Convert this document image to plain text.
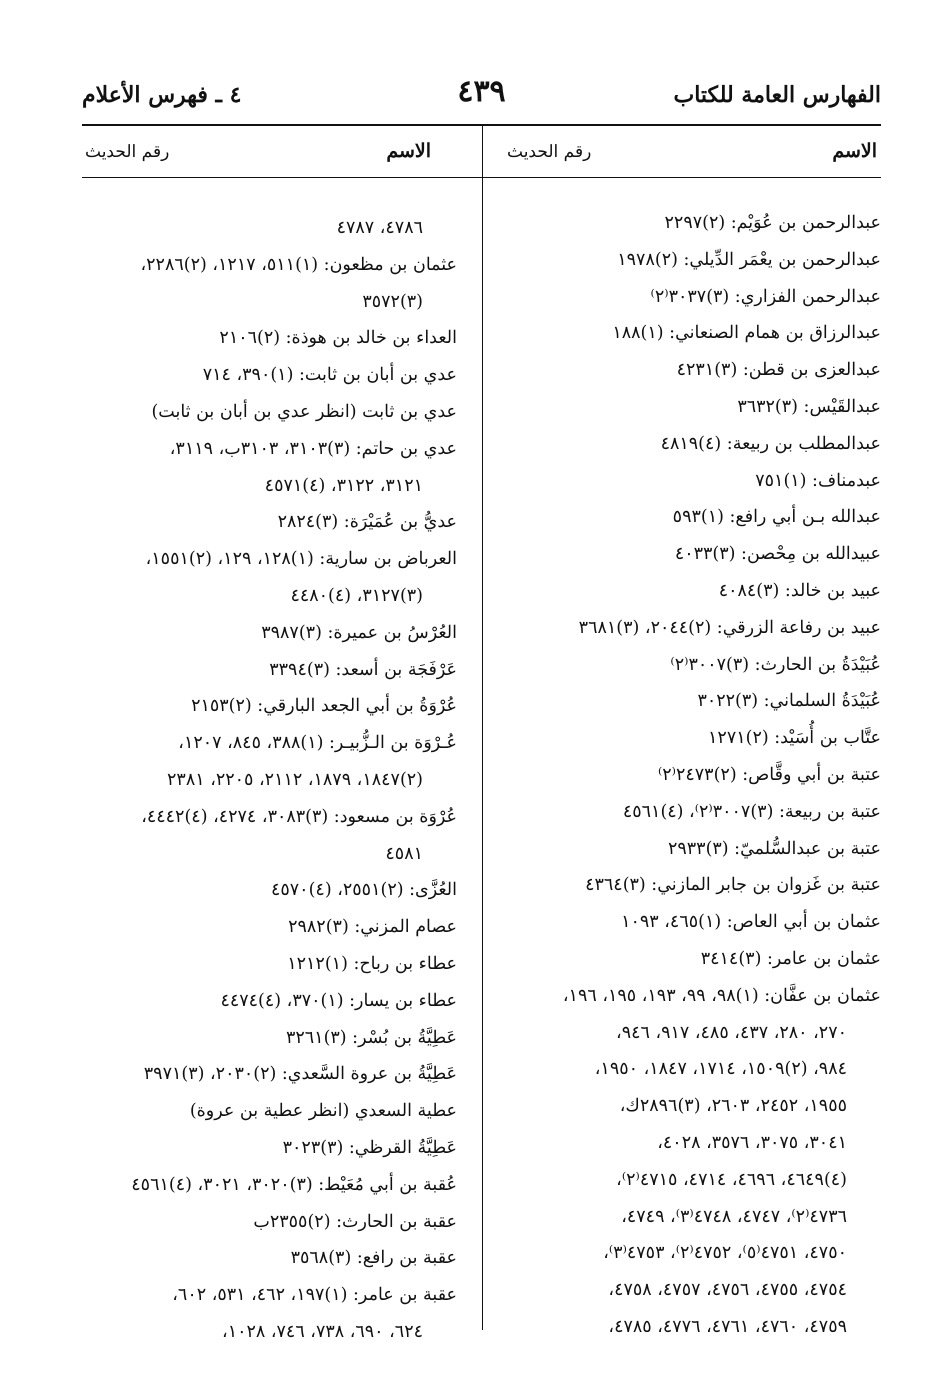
الفهارس العامة للكتاب
٤٣٩
٤ ـ فهرس الأعلام
الاسم
رقم الحديث
الاسم
رقم الحديث
عبدالرحمن بن عُوَيْم: (٢)٢٢٩٧
عبدالرحمن بن يعْمَر الدِّيلي: (٢)١٩٧٨
عبدالرحمن الفزاري: (٣)٣٠٣٧⁽٢⁾
عبدالرزاق بن همام الصنعاني: (١)١٨٨
عبدالعزى بن قطن: (٣)٤٢٣١
عبدالقَيْس: (٣)٣٦٣٢
عبدالمطلب بن ربيعة: (٤)٤٨١٩
عبدمناف: (١)٧٥١
عبدالله بـن أبي رافع: (١)٥٩٣
عبيدالله بن مِحْصن: (٣)٤٠٣٣
عبيد بن خالد: (٣)٤٠٨٤
عبيد بن رفاعة الزرقي: (٢)٢٠٤٤، (٣)٣٦٨١
عُبَيْدَةُ بن الحارث: (٣)٣٠٠٧⁽٢⁾
عُبَيْدَةُ السلماني: (٣)٣٠٢٢
عتَّاب بن أُسَيْد: (٢)١٢٧١
عتبة بن أبي وقَّاص: (٢)٢٤٧٣⁽٢⁾
عتبة بن ربيعة: (٣)٣٠٠٧⁽٢⁾، (٤)٤٥٦١
عتبة بن عبدالسُّلميّ: (٣)٢٩٣٣
عتبة بن غَزوان بن جابر المازني: (٣)٤٣٦٤
عثمان بن أبي العاص: (١)٤٦٥، ١٠٩٣
عثمان بن عامر: (٣)٣٤١٤
عثمان بن عفَّان: (١)٩٨، ٩٩، ١٩٣، ١٩٥، ١٩٦،
٢٧٠، ٢٨٠، ٤٣٧، ٤٨٥، ٩١٧، ٩٤٦،
٩٨٤، (٢)١٥٠٩، ١٧١٤، ١٨٤٧، ١٩٥٠،
١٩٥٥، ٢٤٥٢، ٢٦٠٣، (٣)٢٨٩٦ك،
٣٠٤١، ٣٠٧٥، ٣٥٧٦، ٤٠٢٨،
(٤)٤٦٤٩، ٤٦٩٦، ٤٧١٤، ٤٧١٥⁽٢⁾،
٤٧٣٦⁽٢⁾، ٤٧٤٧، ٤٧٤٨⁽٣⁾، ٤٧٤٩،
٤٧٥٠، ٤٧٥١⁽٥⁾، ٤٧٥٢⁽٢⁾، ٤٧٥٣⁽٣⁾،
٤٧٥٤، ٤٧٥٥، ٤٧٥٦، ٤٧٥٧، ٤٧٥٨،
٤٧٥٩، ٤٧٦٠، ٤٧٦١، ٤٧٧٦، ٤٧٨٥،
٤٧٨٦، ٤٧٨٧
عثمان بن مظعون: (١)٥١١، ١٢١٧، (٢)٢٢٨٦،
(٣)٣٥٧٢
العداء بن خالد بن هوذة: (٢)٢١٠٦
عدي بن أبان بن ثابت: (١)٣٩٠، ٧١٤
عدي بن ثابت (انظر عدي بن أبان بن ثابت)
عدي بن حاتم: (٣)٣١٠٣، ٣١٠٣ب، ٣١١٩،
٣١٢١، ٣١٢٢، (٤)٤٥٧١
عديُّ بن عُمَيْرَة: (٣)٢٨٢٤
العرباض بن سارية: (١)١٢٨، ١٢٩، (٢)١٥٥١،
(٣)٣١٢٧، (٤)٤٤٨٠
العُرْسُ بن عميرة: (٣)٣٩٨٧
عَرْفَجَة بن أسعد: (٣)٣٣٩٤
عُرْوَةُ بن أبي الجعد البارقي: (٢)٢١٥٣
عُـرْوَة بن الـزُّبيـر: (١)٣٨٨، ٨٤٥، ١٢٠٧،
(٢)١٨٤٧، ١٨٧٩، ٢١١٢، ٢٢٠٥، ٢٣٨١
عُرْوَة بن مسعود: (٣)٣٠٨٣، ٤٢٧٤، (٤)٤٤٤٢،
٤٥٨١
العُزَّى: (٢)٢٥٥١، (٤)٤٥٧٠
عصام المزني: (٣)٢٩٨٢
عطاء بن رباح: (١)١٢١٢
عطاء بن يسار: (١)٣٧٠، (٤)٤٤٧٤
عَطِيَّةُ بن بُسْر: (٣)٣٢٦١
عَطِيَّةُ بن عروة السَّعدي: (٢)٢٠٣٠، (٣)٣٩٧١
عطية السعدي (انظر عطية بن عروة)
عَطِيَّةُ القرظي: (٣)٣٠٢٣
عُقبة بن أبي مُعَيْط: (٣)٣٠٢٠، ٣٠٢١، (٤)٤٥٦١
عقبة بن الحارث: (٢)٢٣٥٥ب
عقبة بن رافع: (٣)٣٥٦٨
عقبة بن عامر: (١)١٩٧، ٤٦٢، ٥٣١، ٦٠٢،
٦٢٤، ٦٩٠، ٧٣٨، ٧٤٦، ١٠٢٨،
